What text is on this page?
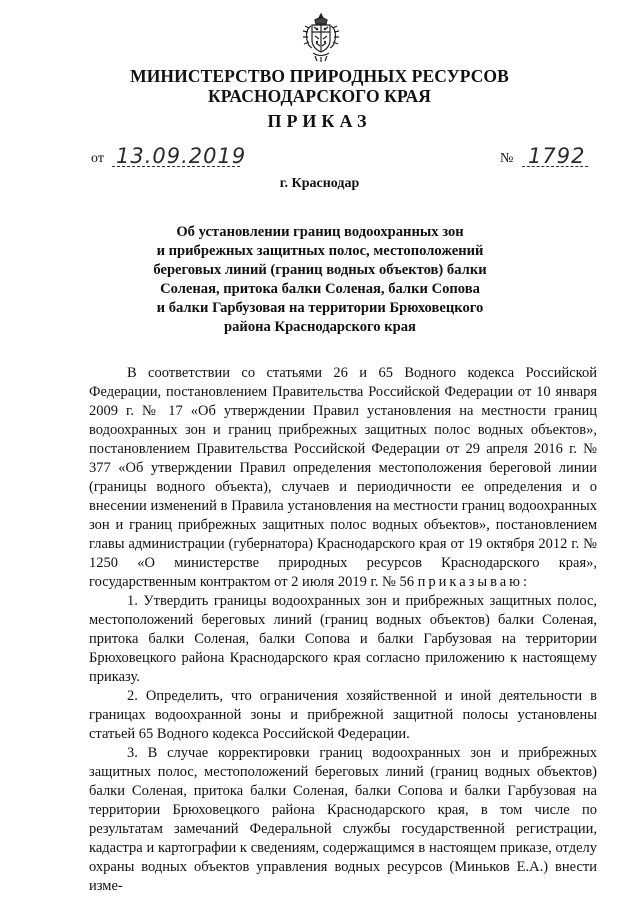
МИНИСТЕРСТВО ПРИРОДНЫХ РЕСУРСОВ
КРАСНОДАРСКОГО КРАЯ
ПРИКАЗ
от 13.09.2019	№ 1792
г. Краснодар
Об установлении границ водоохранных зон
и прибрежных защитных полос, местоположений
береговых линий (границ водных объектов) балки
Соленая, притока балки Соленая, балки Сопова
и балки Гарбузовая на территории Брюховецкого
района Краснодарского края

В соответствии со статьями 26 и 65 Водного кодекса Российской Федерации, постановлением Правительства Российской Федерации от 10 января 2009 г. № 17 «Об утверждении Правил установления на местности границ водоохранных зон и границ прибрежных защитных полос водных объектов», постановлением Правительства Российской Федерации от 29 апреля 2016 г. № 377 «Об утверждении Правил определения местоположения береговой линии (границы водного объекта), случаев и периодичности ее определения и о внесении изменений в Правила установления на местности границ водоохранных зон и границ прибрежных защитных полос водных объектов», постановлением главы администрации (губернатора) Краснодарского края от 19 октября 2012 г. № 1250 «О министерстве природных ресурсов Краснодарского края», государственным контрактом от 2 июля 2019 г. № 56 приказываю:

1. Утвердить границы водоохранных зон и прибрежных защитных полос, местоположений береговых линий (границ водных объектов) балки Соленая, притока балки Соленая, балки Сопова и балки Гарбузовая на территории Брюховецкого района Краснодарского края согласно приложению к настоящему приказу.

2. Определить, что ограничения хозяйственной и иной деятельности в границах водоохранной зоны и прибрежной защитной полосы установлены статьей 65 Водного кодекса Российской Федерации.

3. В случае корректировки границ водоохранных зон и прибрежных защитных полос, местоположений береговых линий (границ водных объектов) балки Соленая, притока балки Соленая, балки Сопова и балки Гарбузовая на территории Брюховецкого района Краснодарского края, в том числе по результатам замечаний Федеральной службы государственной регистрации, кадастра и картографии к сведениям, содержащимся в настоящем приказе, отделу охраны водных объектов управления водных ресурсов (Миньков Е.А.) внести изме-
